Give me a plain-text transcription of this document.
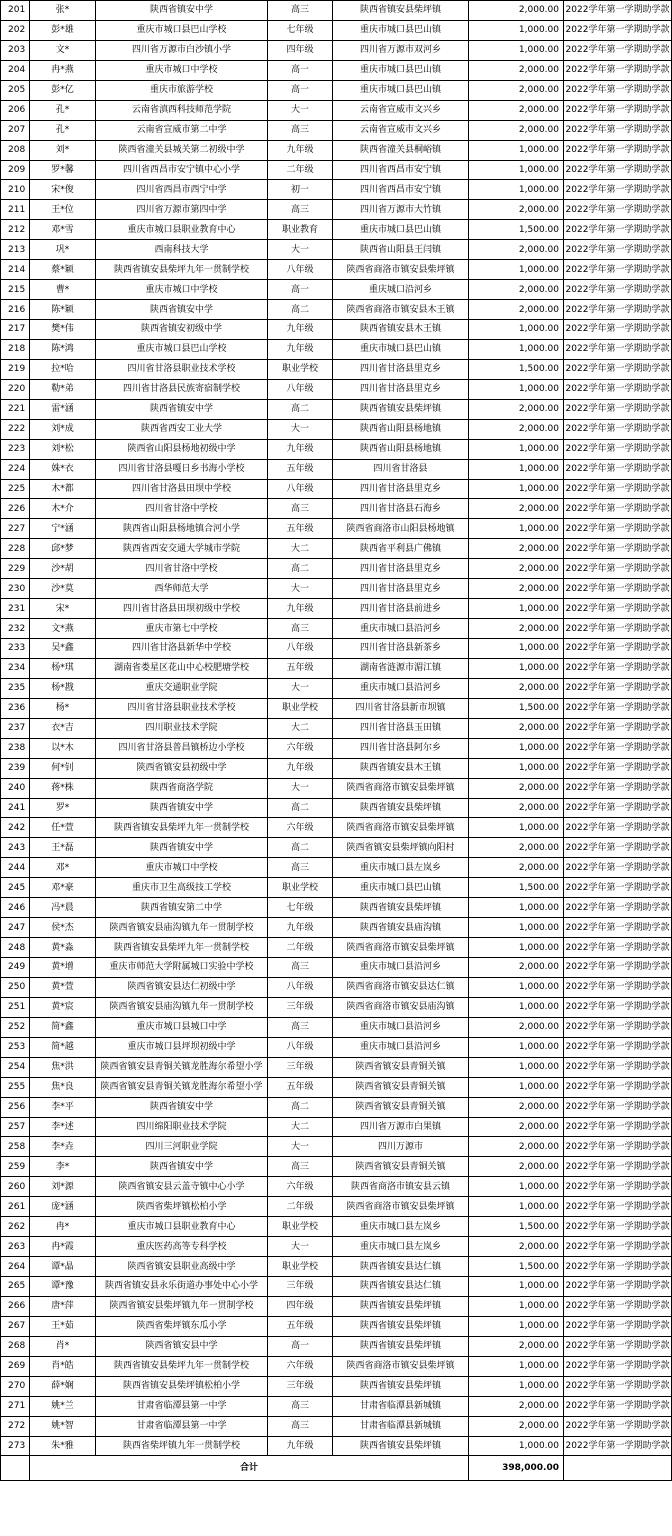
201	张*	陕西省镇安中学	高三	陕西省镇安县柴坪镇	2,000.00	2022学年第一学期助学款
202	彭*雄	重庆市城口县巴山学校	七年级	重庆市城口县巴山镇	1,000.00	2022学年第一学期助学款
203	文*	四川省万源市白沙镇小学	四年级	四川省万源市双河乡	1,000.00	2022学年第一学期助学款
204	冉*燕	重庆市城口中学校	高一	重庆市城口县巴山镇	2,000.00	2022学年第一学期助学款
205	彭*亿	重庆市旅游学校	高一	重庆市城口县巴山镇	2,000.00	2022学年第一学期助学款
206	孔*	云南省滇西科技师范学院	大一	云南省宣威市文兴乡	2,000.00	2022学年第一学期助学款
207	孔*	云南省宣威市第二中学	高三	云南省宣威市文兴乡	2,000.00	2022学年第一学期助学款
208	刘*	陕西省潼关县城关第二初级中学	九年级	陕西省潼关县桐峪镇	1,000.00	2022学年第一学期助学款
209	罗*馨	四川省西昌市安宁镇中心小学	二年级	四川省西昌市安宁镇	1,000.00	2022学年第一学期助学款
210	宋*俊	四川省西昌市西宁中学	初一	四川省西昌市安宁镇	1,000.00	2022学年第一学期助学款
211	王*位	四川省万源市第四中学	高三	四川省万源市大竹镇	2,000.00	2022学年第一学期助学款
212	邓*雪	重庆市城口县职业教育中心	职业教育	重庆市城口县巴山镇	1,500.00	2022学年第一学期助学款
213	巩*	西南科技大学	大一	陕西省山阳县王闫镇	2,000.00	2022学年第一学期助学款
214	蔡*颖	陕西省镇安县柴坪九年一贯制学校	八年级	陕西省商洛市镇安县柴坪镇	1,000.00	2022学年第一学期助学款
215	曹*	重庆市城口中学校	高一	重庆城口沿河乡	2,000.00	2022学年第一学期助学款
216	陈*颖	陕西省镇安中学	高二	陕西省商洛市镇安县木王镇	2,000.00	2022学年第一学期助学款
217	樊*伟	陕西省镇安初级中学	九年级	陕西省镇安县木王镇	1,000.00	2022学年第一学期助学款
218	陈*鸿	重庆市城口县巴山学校	九年级	重庆市城口县巴山镇	1,000.00	2022学年第一学期助学款
219	拉*哈	四川省甘洛县职业技术学校	职业学校	四川省甘洛县里克乡	1,500.00	2022学年第一学期助学款
220	勒*弟	四川省甘洛县民族寄宿制学校	八年级	四川省甘洛县里克乡	1,000.00	2022学年第一学期助学款
221	雷*涵	陕西省镇安中学	高二	陕西省镇安县柴坪镇	2,000.00	2022学年第一学期助学款
222	刘*成	陕西省西安工业大学	大一	陕西省山阳县杨地镇	2,000.00	2022学年第一学期助学款
223	刘*松	陕西省山阳县杨地初级中学	九年级	陕西省山阳县杨地镇	1,000.00	2022学年第一学期助学款
224	姝*衣	四川省甘洛县嘎日乡书海小学校	五年级	四川省甘洛县	1,000.00	2022学年第一学期助学款
225	木*都	四川省甘洛县田坝中学校	八年级	四川省甘洛县里克乡	1,000.00	2022学年第一学期助学款
226	木*介	四川省甘洛中学校	高三	四川省甘洛县石海乡	2,000.00	2022学年第一学期助学款
227	宁*涵	陕西省山阳县杨地镇合河小学	五年级	陕西省商洛市山阳县杨地镇	1,000.00	2022学年第一学期助学款
228	邱*梦	陕西省西安交通大学城市学院	大二	陕西省平利县广佛镇	2,000.00	2022学年第一学期助学款
229	沙*胡	四川省甘洛中学校	高二	四川省甘洛县里克乡	2,000.00	2022学年第一学期助学款
230	沙*莫	西华师范大学	大一	四川省甘洛县里克乡	2,000.00	2022学年第一学期助学款
231	宋*	四川省甘洛县田坝初级中学校	九年级	四川省甘洛县前进乡	1,000.00	2022学年第一学期助学款
232	文*燕	重庆市第七中学校	高三	重庆市城口县沿河乡	2,000.00	2022学年第一学期助学款
233	吴*鑫	四川省甘洛县新华中学校	八年级	四川省甘洛县新茶乡	1,000.00	2022学年第一学期助学款
234	杨*琪	湖南省娄星区花山中心校肥塘学校	五年级	湖南省涟源市湄江镇	1,000.00	2022学年第一学期助学款
235	杨*戡	重庆交通职业学院	大一	重庆市城口县沿河乡	2,000.00	2022学年第一学期助学款
236	杨*	四川省甘洛县职业技术学校	职业学校	四川省甘洛县新市坝镇	1,500.00	2022学年第一学期助学款
237	衣*吉	四川职业技术学院	大二	四川省甘洛县玉田镇	2,000.00	2022学年第一学期助学款
238	以*木	四川省甘洛县普昌镇桥边小学校	六年级	四川省甘洛县阿尔乡	1,000.00	2022学年第一学期助学款
239	何*钊	陕西省镇安县初级中学	九年级	陕西省镇安县木王镇	1,000.00	2022学年第一学期助学款
240	蒋*株	陕西省商洛学院	大一	陕西省商洛市镇安县柴坪镇	2,000.00	2022学年第一学期助学款
241	罗*	陕西省镇安中学	高二	陕西省镇安县柴坪镇	2,000.00	2022学年第一学期助学款
242	任*萱	陕西省镇安县柴坪九年一贯制学校	六年级	陕西省商洛市镇安县柴坪镇	1,000.00	2022学年第一学期助学款
243	王*磊	陕西省镇安中学	高二	陕西省镇安县柴坪镇向阳村	2,000.00	2022学年第一学期助学款
244	邓*	重庆市城口中学校	高三	重庆市城口县左岚乡	2,000.00	2022学年第一学期助学款
245	邓*豪	重庆市卫生高级技工学校	职业学校	重庆市城口县巴山镇	1,500.00	2022学年第一学期助学款
246	冯*晨	陕西省镇安第二中学	七年级	陕西省镇安县柴坪镇	1,000.00	2022学年第一学期助学款
247	侯*杰	陕西省镇安县庙沟镇九年一贯制学校	九年级	陕西省镇安县庙沟镇	1,000.00	2022学年第一学期助学款
248	黄*淼	陕西省镇安县柴坪九年一贯制学校	二年级	陕西省商洛市镇安县柴坪镇	1,000.00	2022学年第一学期助学款
249	黄*增	重庆市师范大学附属城口实验中学校	高三	重庆市城口县沿河乡	2,000.00	2022学年第一学期助学款
250	黄*萱	陕西省镇安县达仁初级中学	八年级	陕西省商洛市镇安县达仁镇	1,000.00	2022学年第一学期助学款
251	黄*宸	陕西省镇安县庙沟镇九年一贯制学校	三年级	陕西省商洛市镇安县庙沟镇	1,000.00	2022学年第一学期助学款
252	简*鑫	重庆市城口县城口中学	高三	重庆市城口县沿河乡	2,000.00	2022学年第一学期助学款
253	简*越	重庆市城口县坪坝初级中学	八年级	重庆市城口县沿河乡	1,000.00	2022学年第一学期助学款
254	焦*洪	陕西省镇安县青铜关镇龙胜海尔希望小学	三年级	陕西省镇安县青铜关镇	1,000.00	2022学年第一学期助学款
255	焦*良	陕西省镇安县青铜关镇龙胜海尔希望小学	五年级	陕西省镇安县青铜关镇	1,000.00	2022学年第一学期助学款
256	李*平	陕西省镇安中学	高二	陕西省镇安县青铜关镇	2,000.00	2022学年第一学期助学款
257	李*述	四川绵阳职业技术学院	大二	四川省万源市白果镇	2,000.00	2022学年第一学期助学款
258	李*垚	四川三河职业学院	大一	四川万源市	2,000.00	2022学年第一学期助学款
259	李*	陕西省镇安中学	高三	陕西省镇安县青铜关镇	2,000.00	2022学年第一学期助学款
260	刘*源	陕西省镇安县云盖寺镇中心小学	六年级	陕西省商洛市镇安县云镇	1,000.00	2022学年第一学期助学款
261	庞*涵	陕西省柴坪镇松柏小学	二年级	陕西省商洛市镇安县柴坪镇	1,000.00	2022学年第一学期助学款
262	冉*	重庆市城口县职业教育中心	职业学校	重庆市城口县左岚乡	1,500.00	2022学年第一学期助学款
263	冉*霞	重庆医药高等专科学校	大一	重庆市城口县左岚乡	2,000.00	2022学年第一学期助学款
264	谭*晶	陕西省镇安县职业高级中学	职业学校	陕西省镇安县达仁镇	1,500.00	2022学年第一学期助学款
265	谭*豫	陕西省镇安县永乐街道办事处中心小学	三年级	陕西省镇安县达仁镇	1,000.00	2022学年第一学期助学款
266	唐*萍	陕西省镇安县柴坪镇九年一贯制学校	四年级	陕西省镇安县柴坪镇	1,000.00	2022学年第一学期助学款
267	王*茹	陕西省柴坪镇东瓜小学	五年级	陕西省镇安县柴坪镇	1,000.00	2022学年第一学期助学款
268	肖*	陕西省镇安县中学	高一	陕西省镇安县柴坪镇	2,000.00	2022学年第一学期助学款
269	肖*皓	陕西省镇安县柴坪九年一贯制学校	六年级	陕西省商洛市镇安县柴坪镇	1,000.00	2022学年第一学期助学款
270	薛*娴	陕西省镇安县柴坪镇松柏小学	三年级	陕西省镇安县柴坪镇	1,000.00	2022学年第一学期助学款
271	姚*兰	甘肃省临潭县第一中学	高三	甘肃省临潭县新城镇	2,000.00	2022学年第一学期助学款
272	姚*智	甘肃省临潭县第一中学	高三	甘肃省临潭县新城镇	2,000.00	2022学年第一学期助学款
273	朱*雅	陕西省柴坪镇九年一贯制学校	九年级	陕西省镇安县柴坪镇	1,000.00	2022学年第一学期助学款
	合计				398,000.00	
